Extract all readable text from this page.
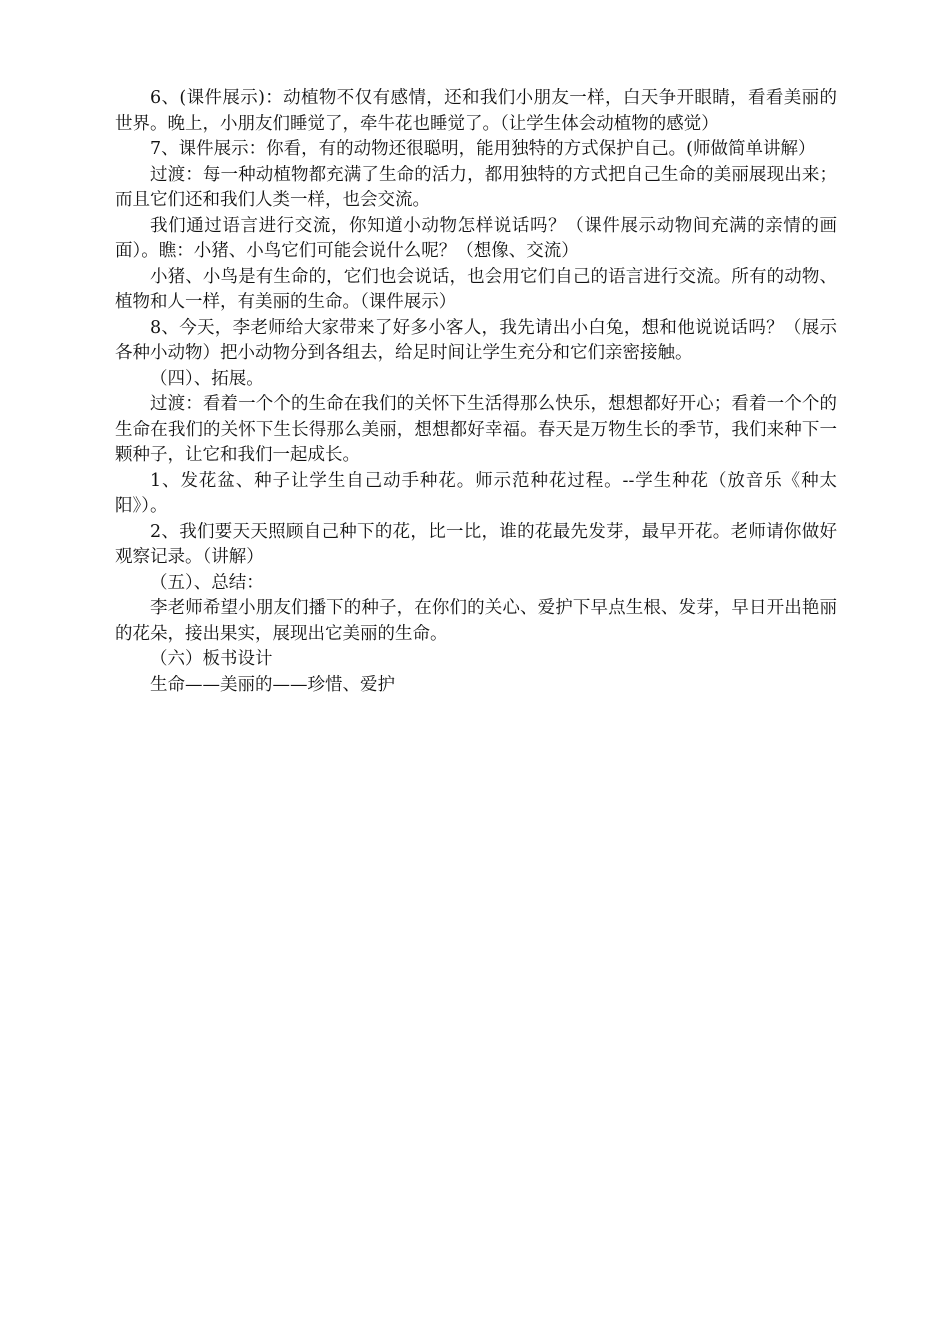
6、(课件展示)：动植物不仅有感情，还和我们小朋友一样，白天争开眼睛，看看美丽的世界。晚上，小朋友们睡觉了，牵牛花也睡觉了。（让学生体会动植物的感觉）

7、课件展示：你看，有的动物还很聪明，能用独特的方式保护自己。(师做简单讲解）

过渡：每一种动植物都充满了生命的活力，都用独特的方式把自己生命的美丽展现出来；而且它们还和我们人类一样，也会交流。

我们通过语言进行交流，你知道小动物怎样说话吗？（课件展示动物间充满的亲情的画面）。瞧：小猪、小鸟它们可能会说什么呢？（想像、交流）

小猪、小鸟是有生命的，它们也会说话，也会用它们自己的语言进行交流。所有的动物、植物和人一样，有美丽的生命。（课件展示）

8、今天，李老师给大家带来了好多小客人，我先请出小白兔，想和他说说话吗？（展示各种小动物）把小动物分到各组去，给足时间让学生充分和它们亲密接触。

（四）、拓展。

过渡：看着一个个的生命在我们的关怀下生活得那么快乐，想想都好开心；看着一个个的生命在我们的关怀下生长得那么美丽，想想都好幸福。春天是万物生长的季节，我们来种下一颗种子，让它和我们一起成长。

1、发花盆、种子让学生自己动手种花。师示范种花过程。--学生种花（放音乐《种太阳》）。

2、我们要天天照顾自己种下的花，比一比，谁的花最先发芽，最早开花。老师请你做好观察记录。（讲解）

（五）、总结：

李老师希望小朋友们播下的种子，在你们的关心、爱护下早点生根、发芽，早日开出艳丽的花朵，接出果实，展现出它美丽的生命。

（六）板书设计

生命——美丽的——珍惜、爱护
